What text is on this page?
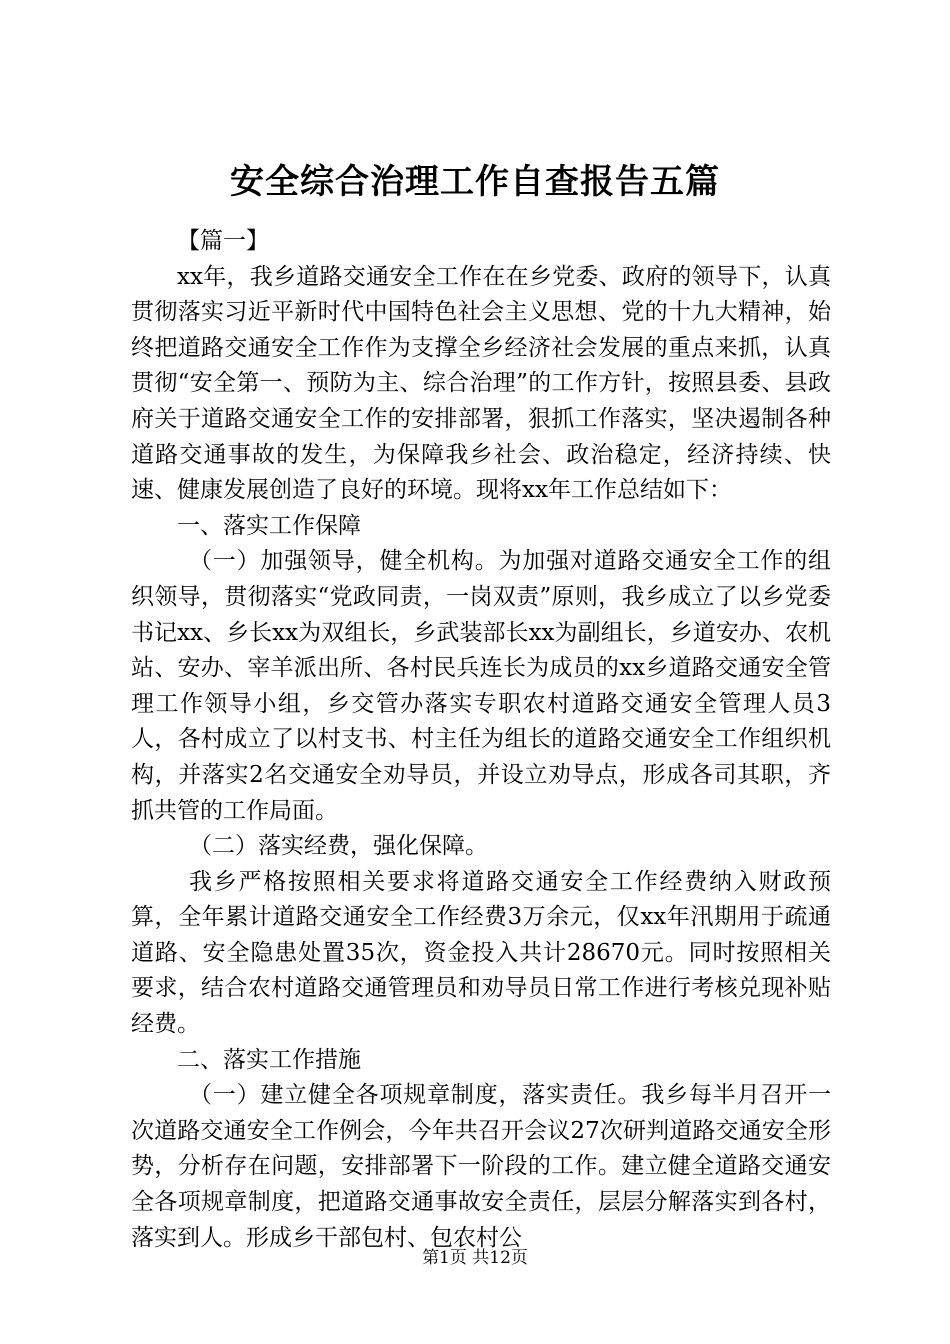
安全综合治理工作自查报告五篇

【篇一】

xx年，我乡道路交通安全工作在在乡党委、政府的领导下，认真贯彻落实习近平新时代中国特色社会主义思想、党的十九大精神，始终把道路交通安全工作作为支撑全乡经济社会发展的重点来抓，认真贯彻“安全第一、预防为主、综合治理”的工作方针，按照县委、县政府关于道路交通安全工作的安排部署，狠抓工作落实，坚决遏制各种道路交通事故的发生，为保障我乡社会、政治稳定，经济持续、快速、健康发展创造了良好的环境。现将xx年工作总结如下：

一、落实工作保障

（一）加强领导，健全机构。为加强对道路交通安全工作的组织领导，贯彻落实“党政同责，一岗双责”原则，我乡成立了以乡党委书记xx、乡长xx为双组长，乡武装部长xx为副组长，乡道安办、农机站、安办、宰羊派出所、各村民兵连长为成员的xx乡道路交通安全管理工作领导小组，乡交管办落实专职农村道路交通安全管理人员3人，各村成立了以村支书、村主任为组长的道路交通安全工作组织机构，并落实2名交通安全劝导员，并设立劝导点，形成各司其职，齐抓共管的工作局面。

（二）落实经费，强化保障。

我乡严格按照相关要求将道路交通安全工作经费纳入财政预算，全年累计道路交通安全工作经费3万余元，仅xx年汛期用于疏通道路、安全隐患处置35次，资金投入共计28670元。同时按照相关要求，结合农村道路交通管理员和劝导员日常工作进行考核兑现补贴经费。

二、落实工作措施

（一）建立健全各项规章制度，落实责任。我乡每半月召开一次道路交通安全工作例会，今年共召开会议27次研判道路交通安全形势，分析存在问题，安排部署下一阶段的工作。建立健全道路交通安全各项规章制度，把道路交通事故安全责任，层层分解落实到各村，落实到人。形成乡干部包村、包农村公

第1页 共12页
